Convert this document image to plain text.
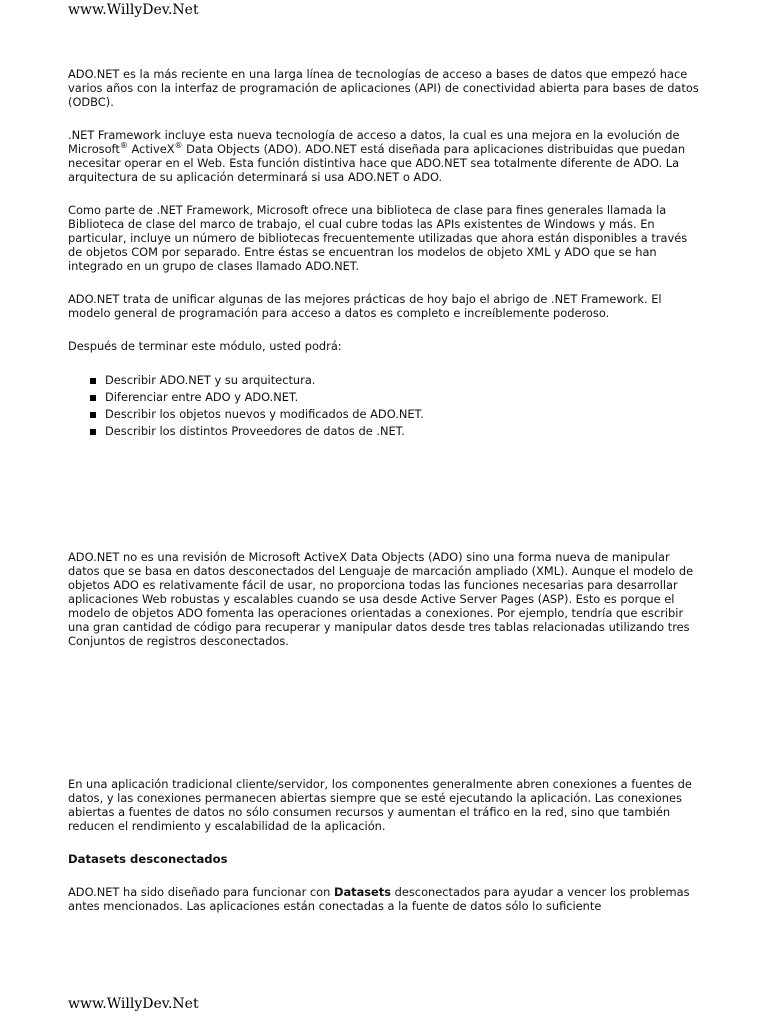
www.WillyDev.Net

ADO.NET es la más reciente en una larga línea de tecnologías de acceso a bases de datos que empezó hace varios años con la interfaz de programación de aplicaciones (API) de conectividad abierta para bases de datos (ODBC).

.NET Framework incluye esta nueva tecnología de acceso a datos, la cual es una mejora en la evolución de Microsoft® ActiveX® Data Objects (ADO). ADO.NET está diseñada para aplicaciones distribuidas que puedan necesitar operar en el Web. Esta función distintiva hace que ADO.NET sea totalmente diferente de ADO. La arquitectura de su aplicación determinará si usa ADO.NET o ADO.

Como parte de .NET Framework, Microsoft ofrece una biblioteca de clase para fines generales llamada la Biblioteca de clase del marco de trabajo, el cual cubre todas las APIs existentes de Windows y más. En particular, incluye un número de bibliotecas frecuentemente utilizadas que ahora están disponibles a través de objetos COM por separado. Entre éstas se encuentran los modelos de objeto XML y ADO que se han integrado en un grupo de clases llamado ADO.NET.

ADO.NET trata de unificar algunas de las mejores prácticas de hoy bajo el abrigo de .NET Framework. El modelo general de programación para acceso a datos es completo e increíblemente poderoso.

Después de terminar este módulo, usted podrá:

Describir ADO.NET y su arquitectura.
Diferenciar entre ADO y ADO.NET.
Describir los objetos nuevos y modificados de ADO.NET.
Describir los distintos Proveedores de datos de .NET.

ADO.NET no es una revisión de Microsoft ActiveX Data Objects (ADO) sino una forma nueva de manipular datos que se basa en datos desconectados del Lenguaje de marcación ampliado (XML). Aunque el modelo de objetos ADO es relativamente fácil de usar, no proporciona todas las funciones necesarias para desarrollar aplicaciones Web robustas y escalables cuando se usa desde Active Server Pages (ASP). Esto es porque el modelo de objetos ADO fomenta las operaciones orientadas a conexiones. Por ejemplo, tendría que escribir una gran cantidad de código para recuperar y manipular datos desde tres tablas relacionadas utilizando tres Conjuntos de registros desconectados.

En una aplicación tradicional cliente/servidor, los componentes generalmente abren conexiones a fuentes de datos, y las conexiones permanecen abiertas siempre que se esté ejecutando la aplicación. Las conexiones abiertas a fuentes de datos no sólo consumen recursos y aumentan el tráfico en la red, sino que también reducen el rendimiento y escalabilidad de la aplicación.

Datasets desconectados

ADO.NET ha sido diseñado para funcionar con Datasets desconectados para ayudar a vencer los problemas antes mencionados. Las aplicaciones están conectadas a la fuente de datos sólo lo suficiente

www.WillyDev.Net
